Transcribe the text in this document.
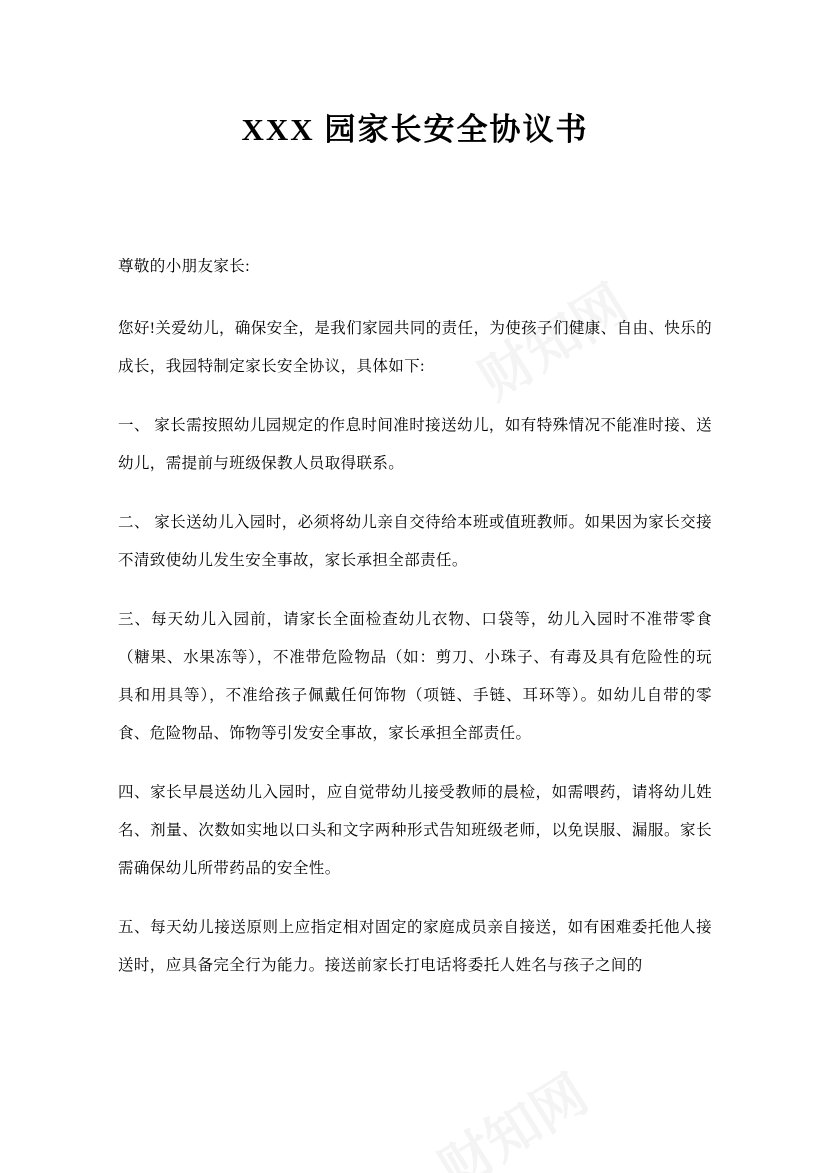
XXX 园家长安全协议书

尊敬的小朋友家长:

您好!关爱幼儿，确保安全，是我们家园共同的责任，为使孩子们健康、自由、快乐的成长，我园特制定家长安全协议，具体如下:

一、 家长需按照幼儿园规定的作息时间准时接送幼儿，如有特殊情况不能准时接、送幼儿，需提前与班级保教人员取得联系。

二、 家长送幼儿入园时，必须将幼儿亲自交待给本班或值班教师。如果因为家长交接不清致使幼儿发生安全事故，家长承担全部责任。

三、每天幼儿入园前，请家长全面检查幼儿衣物、口袋等，幼儿入园时不准带零食（糖果、水果冻等），不准带危险物品（如：剪刀、小珠子、有毒及具有危险性的玩具和用具等），不准给孩子佩戴任何饰物（项链、手链、耳环等）。如幼儿自带的零食、危险物品、饰物等引发安全事故，家长承担全部责任。

四、家长早晨送幼儿入园时，应自觉带幼儿接受教师的晨检，如需喂药，请将幼儿姓名、剂量、次数如实地以口头和文字两种形式告知班级老师，以免误服、漏服。家长需确保幼儿所带药品的安全性。

五、每天幼儿接送原则上应指定相对固定的家庭成员亲自接送，如有困难委托他人接送时，应具备完全行为能力。接送前家长打电话将委托人姓名与孩子之间的
